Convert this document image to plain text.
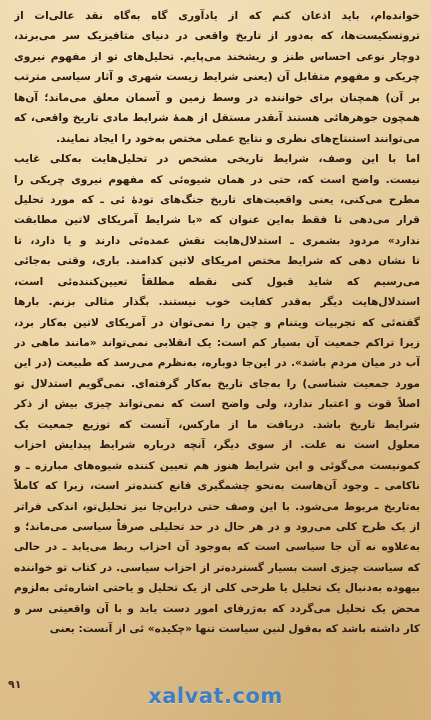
خوانده‌ام، باید اذعان کنم که از یادآوری گاه به‌گاه نقد عالی‌ات از
تروتسکیست‌ها، که به‌دور از تاریخ واقعی در دنیای متافیزیک سر می‌برند،
دوچار نوعی احساس طنز و ریشخند می‌پایم. تحلیل‌های تو از مفهوم نیروی
چریکی و مفهوم متقابل آن (یعنی شرایط زیست شهری و آثار سیاسی مترتب
بر آن) همچنان برای خواننده در وسط زمین و آسمان معلق می‌ماند؛ آن‌ها
همچون جوهرهائی هستند آنقدر مستقل از همهٔ شرایط مادی تاریخ واقعی، که
می‌توانند استنتاج‌های نظری و نتایج عملی مختص به‌خود را ایجاد نمایند.
اما با این وصف، شرایط تاریخی مشخص در تحلیل‌هایت به‌کلی غایب
نیست. واضح است که، حتی در همان شیوه‌ئی که مفهوم نیروی چریکی را
مطرح می‌کنی، یعنی واقعیت‌های تاریخ جنگ‌های تودهٔ ئی ـ که مورد تحلیل
قرار می‌دهی تا فقط به‌این عنوان که «با شرایط آمریکای لاتین مطابقت
ندارد» مردود بشمری ـ استدلال‌هایت نقش عمده‌ئی دارند و یا دارد، تا
تا نشان دهی که شرایط مختص امریکای لاتین کدامند. باری، وقتی به‌جائی
می‌رسیم که شاید قبول کنی نقطه مطلقاً تعیین‌کننده‌ئی است،
استدلال‌هایت دیگر به‌قدر کفایت خوب نیستند. بگذار مثالی بزنم. بارها
گفته‌ئی که تجربیات ویتنام و چین را نمی‌توان در آمریکای لاتین به‌کار برد،
زیرا تراکم جمعیت آن بسیار کم است: یک انقلابی نمی‌تواند «مانند ماهی در
آب در میان مردم باشد». در این‌جا دوباره، به‌نظرم می‌رسد که طبیعت (در این
مورد جمعیت شناسی) را به‌جای تاریخ به‌کار گرفته‌ای. نمی‌گویم استدلال تو
اصلاً قوت و اعتبار ندارد، ولی واضح است که نمی‌تواند چیزی بیش از ذکر
شرایط تاریخ باشد. دریافت ما از مارکس، آنست که توزیع جمعیت یک
معلول است نه علت. از سوی دیگر، آنچه درباره شرایط پیدایش احزاب
کمونیست می‌گوئی و این شرایط هنوز هم تعیین کننده شیوه‌های مبارزه ـ و
ناکامی ـ وجود آن‌هاست به‌نحو چشمگیری قانع کننده‌تر است، زیرا که کاملاً
به‌تاریخ مربوط می‌شود. با این وصف حتی دراین‌جا نیز تحلیل‌تو، اندکی فراتر
از یک طرح کلی می‌رود و در هر حال در حد تحلیلی صرفاً سیاسی می‌ماند؛ و
به‌علاوه نه آن جا سیاسی است که به‌وجود آن احزاب ربط می‌یابد ـ در حالی
که سیاست چیزی است بسیار گسترده‌تر از احزاب سیاسی. در کتاب تو خواننده
بیهوده به‌دنبال یک تحلیل یا طرحی کلی از یک تحلیل و یاحتی اشاره‌ئی به‌لزوم
محض یک تحلیل می‌گردد که به‌ژرفای امور دست یابد و با آن واقعیتی سر و
کار داشته باشد که به‌قول لنین سیاست تنها «چکیده» ئی از آنست: یعنی
۹۱	xalvat.com
